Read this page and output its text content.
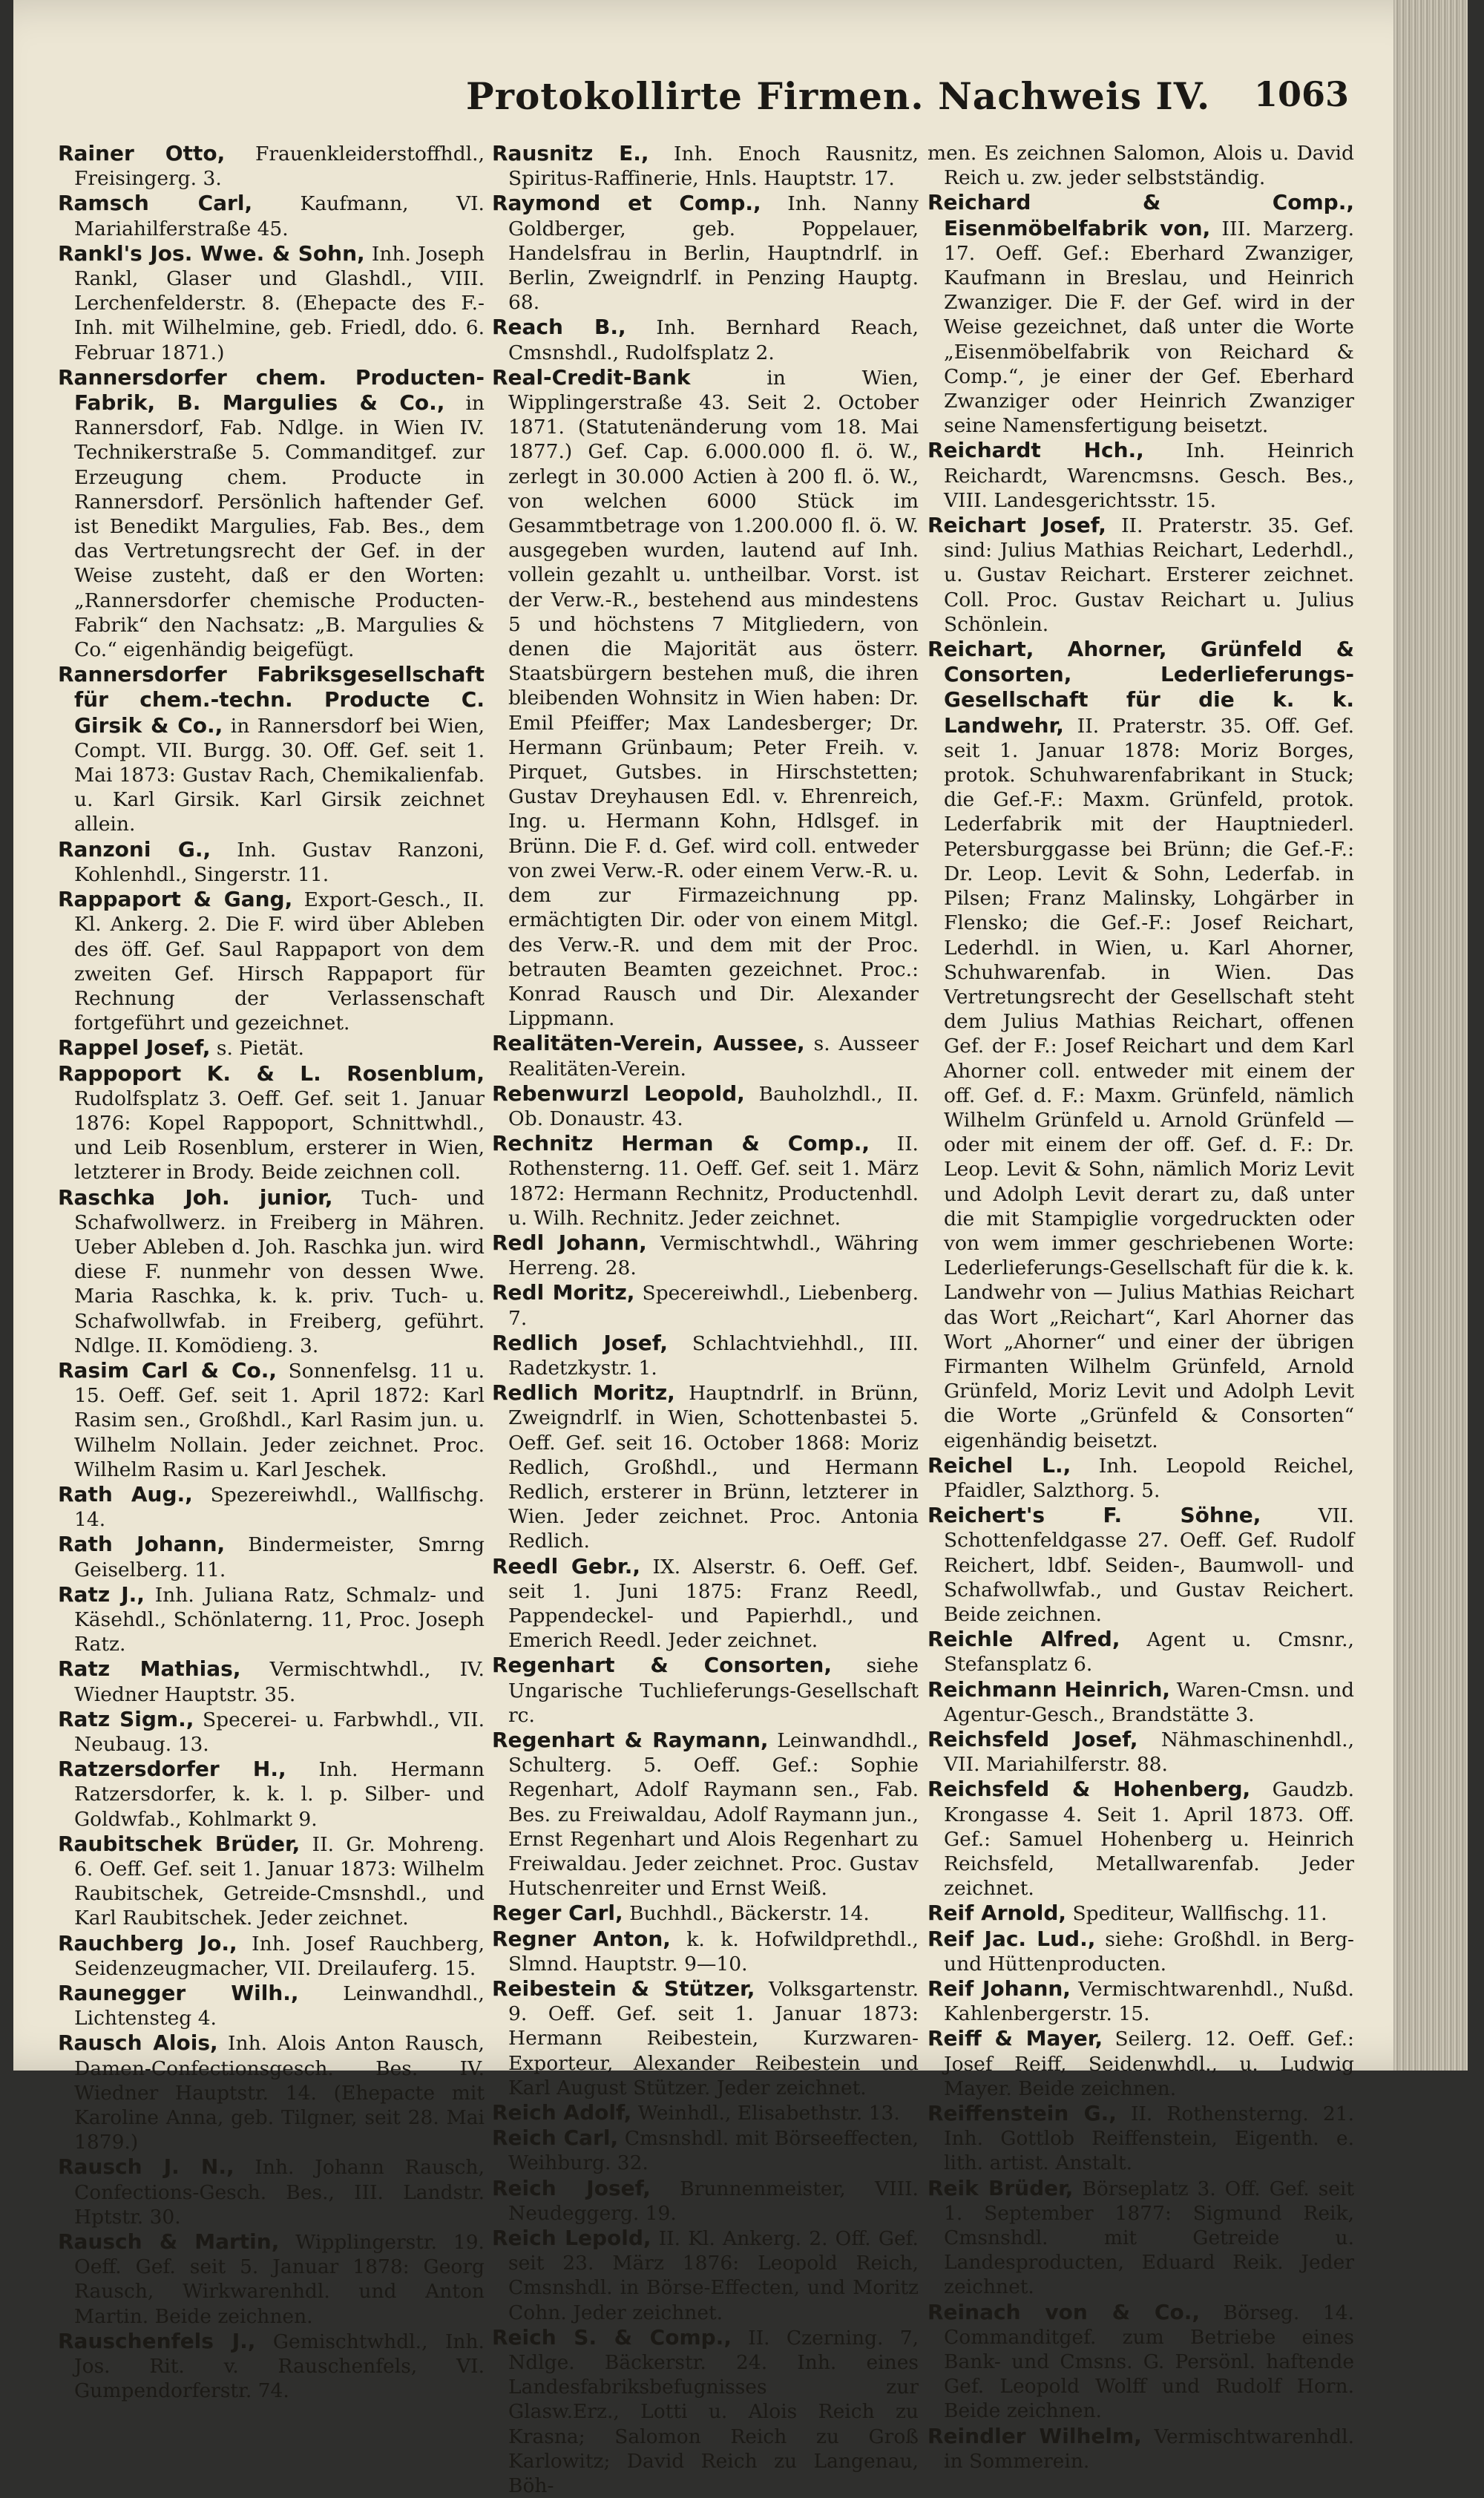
Protokollirte Firmen. Nachweis IV. 1063

Rainer Otto, Frauenkleiderstoffhdl., Freisingerg. 3.

Ramsch Carl, Kaufmann, VI. Mariahilferstraße 45.

Rankl's Jos. Wwe. & Sohn, Inh. Joseph Rankl, Glaser und Glashdl., VIII. Lerchenfelderstr. 8. (Ehepacte des F.-Inh. mit Wilhelmine, geb. Friedl, ddo. 6. Februar 1871.)

Rannersdorfer chem. Producten-Fabrik, B. Margulies & Co., in Rannersdorf, Fab. Ndlge. in Wien IV. Technikerstraße 5. Commanditgef. zur Erzeugung chem. Producte in Rannersdorf. Persönlich haftender Gef. ist Benedikt Margulies, Fab. Bes., dem das Vertretungsrecht der Gef. in der Weise zusteht, daß er den Worten: „Rannersdorfer chemische Producten-Fabrik“ den Nachsatz: „B. Margulies & Co.“ eigenhändig beigefügt.

Rannersdorfer Fabriksgesellschaft für chem.-techn. Producte C. Girsik & Co., in Rannersdorf bei Wien, Compt. VII. Burgg. 30. Off. Gef. seit 1. Mai 1873: Gustav Rach, Chemikalienfab. u. Karl Girsik. Karl Girsik zeichnet allein.

Ranzoni G., Inh. Gustav Ranzoni, Kohlenhdl., Singerstr. 11.

Rappaport & Gang, Export-Gesch., II. Kl. Ankerg. 2. Die F. wird über Ableben des öff. Gef. Saul Rappaport von dem zweiten Gef. Hirsch Rappaport für Rechnung der Verlassenschaft fortgeführt und gezeichnet.

Rappel Josef, s. Pietät.

Rappoport K. & L. Rosenblum, Rudolfsplatz 3. Oeff. Gef. seit 1. Januar 1876: Kopel Rappoport, Schnittwhdl., und Leib Rosenblum, ersterer in Wien, letzterer in Brody. Beide zeichnen coll.

Raschka Joh. junior, Tuch- und Schafwollwerz. in Freiberg in Mähren. Ueber Ableben d. Joh. Raschka jun. wird diese F. nunmehr von dessen Wwe. Maria Raschka, k. k. priv. Tuch- u. Schafwollwfab. in Freiberg, geführt. Ndlge. II. Komödieng. 3.

Rasim Carl & Co., Sonnenfelsg. 11 u. 15. Oeff. Gef. seit 1. April 1872: Karl Rasim sen., Großhdl., Karl Rasim jun. u. Wilhelm Nollain. Jeder zeichnet. Proc. Wilhelm Rasim u. Karl Jeschek.

Rath Aug., Spezereiwhdl., Wallfischg. 14.

Rath Johann, Bindermeister, Smrng Geiselberg. 11.

Ratz J., Inh. Juliana Ratz, Schmalz- und Käsehdl., Schönlaterng. 11, Proc. Joseph Ratz.

Ratz Mathias, Vermischtwhdl., IV. Wiedner Hauptstr. 35.

Ratz Sigm., Specerei- u. Farbwhdl., VII. Neubaug. 13.

Ratzersdorfer H., Inh. Hermann Ratzersdorfer, k. k. l. p. Silber- und Goldwfab., Kohlmarkt 9.

Raubitschek Brüder, II. Gr. Mohreng. 6. Oeff. Gef. seit 1. Januar 1873: Wilhelm Raubitschek, Getreide-Cmsnshdl., und Karl Raubitschek. Jeder zeichnet.

Rauchberg Jo., Inh. Josef Rauchberg, Seidenzeugmacher, VII. Dreilauferg. 15.

Raunegger Wilh., Leinwandhdl., Lichtensteg 4.

Rausch Alois, Inh. Alois Anton Rausch, Damen-Confectionsgesch. Bes. IV. Wiedner Hauptstr. 14. (Ehepacte mit Karoline Anna, geb. Tilgner, seit 28. Mai 1879.)

Rausch J. N., Inh. Johann Rausch, Confections-Gesch. Bes., III. Landstr. Hptstr. 30.

Rausch & Martin, Wipplingerstr. 19. Oeff. Gef. seit 5. Januar 1878: Georg Rausch, Wirkwarenhdl. und Anton Martin. Beide zeichnen.

Rauschenfels J., Gemischtwhdl., Inh. Jos. Rit. v. Rauschenfels, VI. Gumpendorferstr. 74.

Rausnitz E., Inh. Enoch Rausnitz, Spiritus-Raffinerie, Hnls. Hauptstr. 17.

Raymond et Comp., Inh. Nanny Goldberger, geb. Poppelauer, Handelsfrau in Berlin, Hauptndrlf. in Berlin, Zweigndrlf. in Penzing Hauptg. 68.

Reach B., Inh. Bernhard Reach, Cmsnshdl., Rudolfsplatz 2.

Real-Credit-Bank	in Wien, Wipplingerstraße 43. Seit 2. October 1871. (Statutenänderung vom 18. Mai 1877.) Gef. Cap. 6.000.000 fl. ö. W., zerlegt in 30.000 Actien à 200 fl. ö. W., von welchen 6000 Stück im Gesammtbetrage von 1.200.000 fl. ö. W. ausgegeben wurden, lautend auf Inh. vollein gezahlt u. untheilbar. Vorst. ist der Verw.-R., bestehend aus mindestens 5 und höchstens 7 Mitgliedern, von denen die Majorität aus österr. Staatsbürgern bestehen muß, die ihren bleibenden Wohnsitz in Wien haben: Dr. Emil Pfeiffer; Max Landesberger; Dr. Hermann Grünbaum; Peter Freih. v. Pirquet, Gutsbes. in Hirschstetten; Gustav Dreyhausen Edl. v. Ehrenreich, Ing. u. Hermann Kohn, Hdlsgef. in Brünn. Die F. d. Gef. wird coll. entweder von zwei Verw.-R. oder einem Verw.-R. u. dem zur Firmazeichnung pp. ermächtigten Dir. oder von einem Mitgl. des Verw.-R. und dem mit der Proc. betrauten Beamten gezeichnet. Proc.: Konrad Rausch und Dir. Alexander Lippmann.

Realitäten-Verein, Aussee, s. Ausseer Realitäten-Verein.

Rebenwurzl Leopold, Bauholzhdl., II. Ob. Donaustr. 43.

Rechnitz Herman & Comp., II. Rothensterng. 11. Oeff. Gef. seit 1. März 1872: Hermann Rechnitz, Productenhdl. u. Wilh. Rechnitz. Jeder zeichnet.

Redl Johann, Vermischtwhdl., Währing Herreng. 28.

Redl Moritz, Specereiwhdl., Liebenberg. 7.

Redlich Josef, Schlachtviehhdl., III. Radetzkystr. 1.

Redlich Moritz, Hauptndrlf. in Brünn, Zweigndrlf. in Wien, Schottenbastei 5. Oeff. Gef. seit 16. October 1868: Moriz Redlich, Großhdl., und Hermann Redlich, ersterer in Brünn, letzterer in Wien. Jeder zeichnet. Proc. Antonia Redlich.

Reedl Gebr., IX. Alserstr. 6. Oeff. Gef. seit 1. Juni 1875: Franz Reedl, Pappendeckel- und Papierhdl., und Emerich Reedl. Jeder zeichnet.

Regenhart & Consorten, siehe Ungarische Tuchlieferungs-Gesellschaft rc.

Regenhart & Raymann, Leinwandhdl., Schulterg. 5. Oeff. Gef.: Sophie Regenhart, Adolf Raymann sen., Fab. Bes. zu Freiwaldau, Adolf Raymann jun., Ernst Regenhart und Alois Regenhart zu Freiwaldau. Jeder zeichnet. Proc. Gustav Hutschenreiter und Ernst Weiß.

Reger Carl, Buchhdl., Bäckerstr. 14.

Regner Anton, k. k. Hofwildprethdl., Slmnd. Hauptstr. 9—10.

Reibestein & Stützer, Volksgartenstr. 9. Oeff. Gef. seit 1. Januar 1873: Hermann Reibestein, Kurzwaren-Exporteur, Alexander Reibestein und Karl August Stützer. Jeder zeichnet.

Reich Adolf, Weinhdl., Elisabethstr. 13.

Reich Carl, Cmsnshdl. mit Börseeffecten, Weihburg. 32.

Reich Josef, Brunnenmeister, VIII. Neudeggerg. 19.

Reich Lepold, II. Kl. Ankerg. 2. Off. Gef. seit 23. März 1876: Leopold Reich, Cmsnshdl. in Börse-Effecten, und Moritz Cohn. Jeder zeichnet.

Reich S. & Comp., II. Czerning. 7, Ndlge. Bäckerstr. 24. Inh. eines Landesfabriksbefugnisses zur Glasw.Erz., Lotti u. Alois Reich zu Krasna; Salomon Reich zu Groß Karlowitz; David Reich zu Langenau, Böh-

men. Es zeichnen Salomon, Alois u. David Reich u. zw. jeder selbstständig.

Reichard & Comp., Eisenmöbelfabrik von, III. Marzerg. 17. Oeff. Gef.: Eberhard Zwanziger, Kaufmann in Breslau, und Heinrich Zwanziger. Die F. der Gef. wird in der Weise gezeichnet, daß unter die Worte „Eisenmöbelfabrik von Reichard & Comp.“, je einer der Gef. Eberhard Zwanziger oder Heinrich Zwanziger seine Namensfertigung beisetzt.

Reichardt Hch., Inh. Heinrich Reichardt, Warencmsns. Gesch. Bes., VIII. Landesgerichtsstr. 15.

Reichart Josef, II. Praterstr. 35. Gef. sind: Julius Mathias Reichart, Lederhdl., u. Gustav Reichart. Ersterer zeichnet. Coll. Proc. Gustav Reichart u. Julius Schönlein.

Reichart, Ahorner, Grünfeld & Consorten, Lederlieferungs-Gesellschaft für die k. k. Landwehr, II. Praterstr. 35. Off. Gef. seit 1. Januar 1878: Moriz Borges, protok. Schuhwarenfabrikant in Stuck; die Gef.-F.: Maxm. Grünfeld, protok. Lederfabrik mit der Hauptniederl. Petersburggasse bei Brünn; die Gef.-F.: Dr. Leop. Levit & Sohn, Lederfab. in Pilsen; Franz Malinsky, Lohgärber in Flensko; die Gef.-F.: Josef Reichart, Lederhdl. in Wien, u. Karl Ahorner, Schuhwarenfab. in Wien. Das Vertretungsrecht der Gesellschaft steht dem Julius Mathias Reichart, offenen Gef. der F.: Josef Reichart und dem Karl Ahorner coll. entweder mit einem der off. Gef. d. F.: Maxm. Grünfeld, nämlich Wilhelm Grünfeld u. Arnold Grünfeld — oder mit einem der off. Gef. d. F.: Dr. Leop. Levit & Sohn, nämlich Moriz Levit und Adolph Levit derart zu, daß unter die mit Stampiglie vorgedruckten oder von wem immer geschriebenen Worte: Lederlieferungs-Gesellschaft für die k. k. Landwehr von — Julius Mathias Reichart das Wort „Reichart“, Karl Ahorner das Wort „Ahorner“ und einer der übrigen Firmanten Wilhelm Grünfeld, Arnold Grünfeld, Moriz Levit und Adolph Levit die Worte „Grünfeld & Consorten“ eigenhändig beisetzt.

Reichel L., Inh. Leopold Reichel, Pfaidler, Salzthorg. 5.

Reichert's F. Söhne,	VII. Schottenfeldgasse 27. Oeff. Gef. Rudolf Reichert, ldbf. Seiden-, Baumwoll- und Schafwollwfab., und Gustav Reichert. Beide zeichnen.

Reichle Alfred, Agent u. Cmsnr., Stefansplatz 6.

Reichmann Heinrich, Waren-Cmsn. und Agentur-Gesch., Brandstätte 3.

Reichsfeld Josef, Nähmaschinenhdl., VII. Mariahilferstr. 88.

Reichsfeld & Hohenberg, Gaudzb. Krongasse 4. Seit 1. April 1873. Off. Gef.: Samuel Hohenberg u. Heinrich Reichsfeld, Metallwarenfab. Jeder zeichnet.

Reif Arnold, Spediteur, Wallfischg. 11.

Reif Jac. Lud., siehe: Großhdl. in Berg- und Hüttenproducten.

Reif Johann, Vermischtwarenhdl., Nußd. Kahlenbergerstr. 15.

Reiff & Mayer, Seilerg. 12. Oeff. Gef.: Josef Reiff, Seidenwhdl., u. Ludwig Mayer. Beide zeichnen.

Reiffenstein G., II. Rothensterng. 21. Inh. Gottlob Reiffenstein, Eigenth. e. lith. artist. Anstalt.

Reik Brüder, Börseplatz 3. Off. Gef. seit 1. September 1877: Sigmund Reik, Cmsnshdl. mit Getreide u. Landesproducten, Eduard Reik. Jeder zeichnet.

Reinach von & Co., Börseg. 14. Commanditgef. zum Betriebe eines Bank- und Cmsns. G. Persönl. haftende Gef. Leopold Wolff und Rudolf Horn. Beide zeichnen.

Reindler Wilhelm, Vermischtwarenhdl. in Sommerein.
